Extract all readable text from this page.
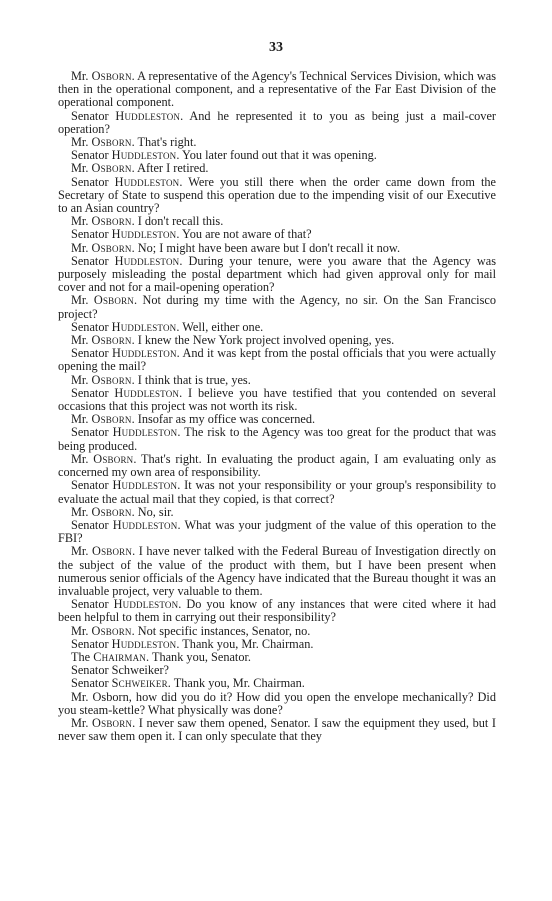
33

Mr. Osborn. A representative of the Agency's Technical Services Division, which was then in the operational component, and a representative of the Far East Division of the operational component.

Senator Huddleston. And he represented it to you as being just a mail-cover operation?

Mr. Osborn. That's right.

Senator Huddleston. You later found out that it was opening.

Mr. Osborn. After I retired.

Senator Huddleston. Were you still there when the order came down from the Secretary of State to suspend this operation due to the impending visit of our Executive to an Asian country?

Mr. Osborn. I don't recall this.

Senator Huddleston. You are not aware of that?

Mr. Osborn. No; I might have been aware but I don't recall it now.

Senator Huddleston. During your tenure, were you aware that the Agency was purposely misleading the postal department which had given approval only for mail cover and not for a mail-opening operation?

Mr. Osborn. Not during my time with the Agency, no sir. On the San Francisco project?

Senator Huddleston. Well, either one.

Mr. Osborn. I knew the New York project involved opening, yes.

Senator Huddleston. And it was kept from the postal officials that you were actually opening the mail?

Mr. Osborn. I think that is true, yes.

Senator Huddleston. I believe you have testified that you contended on several occasions that this project was not worth its risk.

Mr. Osborn. Insofar as my office was concerned.

Senator Huddleston. The risk to the Agency was too great for the product that was being produced.

Mr. Osborn. That's right. In evaluating the product again, I am evaluating only as concerned my own area of responsibility.

Senator Huddleston. It was not your responsibility or your group's responsibility to evaluate the actual mail that they copied, is that correct?

Mr. Osborn. No, sir.

Senator Huddleston. What was your judgment of the value of this operation to the FBI?

Mr. Osborn. I have never talked with the Federal Bureau of Investigation directly on the subject of the value of the product with them, but I have been present when numerous senior officials of the Agency have indicated that the Bureau thought it was an invaluable project, very valuable to them.

Senator Huddleston. Do you know of any instances that were cited where it had been helpful to them in carrying out their responsibility?

Mr. Osborn. Not specific instances, Senator, no.

Senator Huddleston. Thank you, Mr. Chairman.

The Chairman. Thank you, Senator.

Senator Schweiker?

Senator Schweiker. Thank you, Mr. Chairman.

Mr. Osborn, how did you do it? How did you open the envelope mechanically? Did you steam-kettle? What physically was done?

Mr. Osborn. I never saw them opened, Senator. I saw the equipment they used, but I never saw them open it. I can only speculate that they
